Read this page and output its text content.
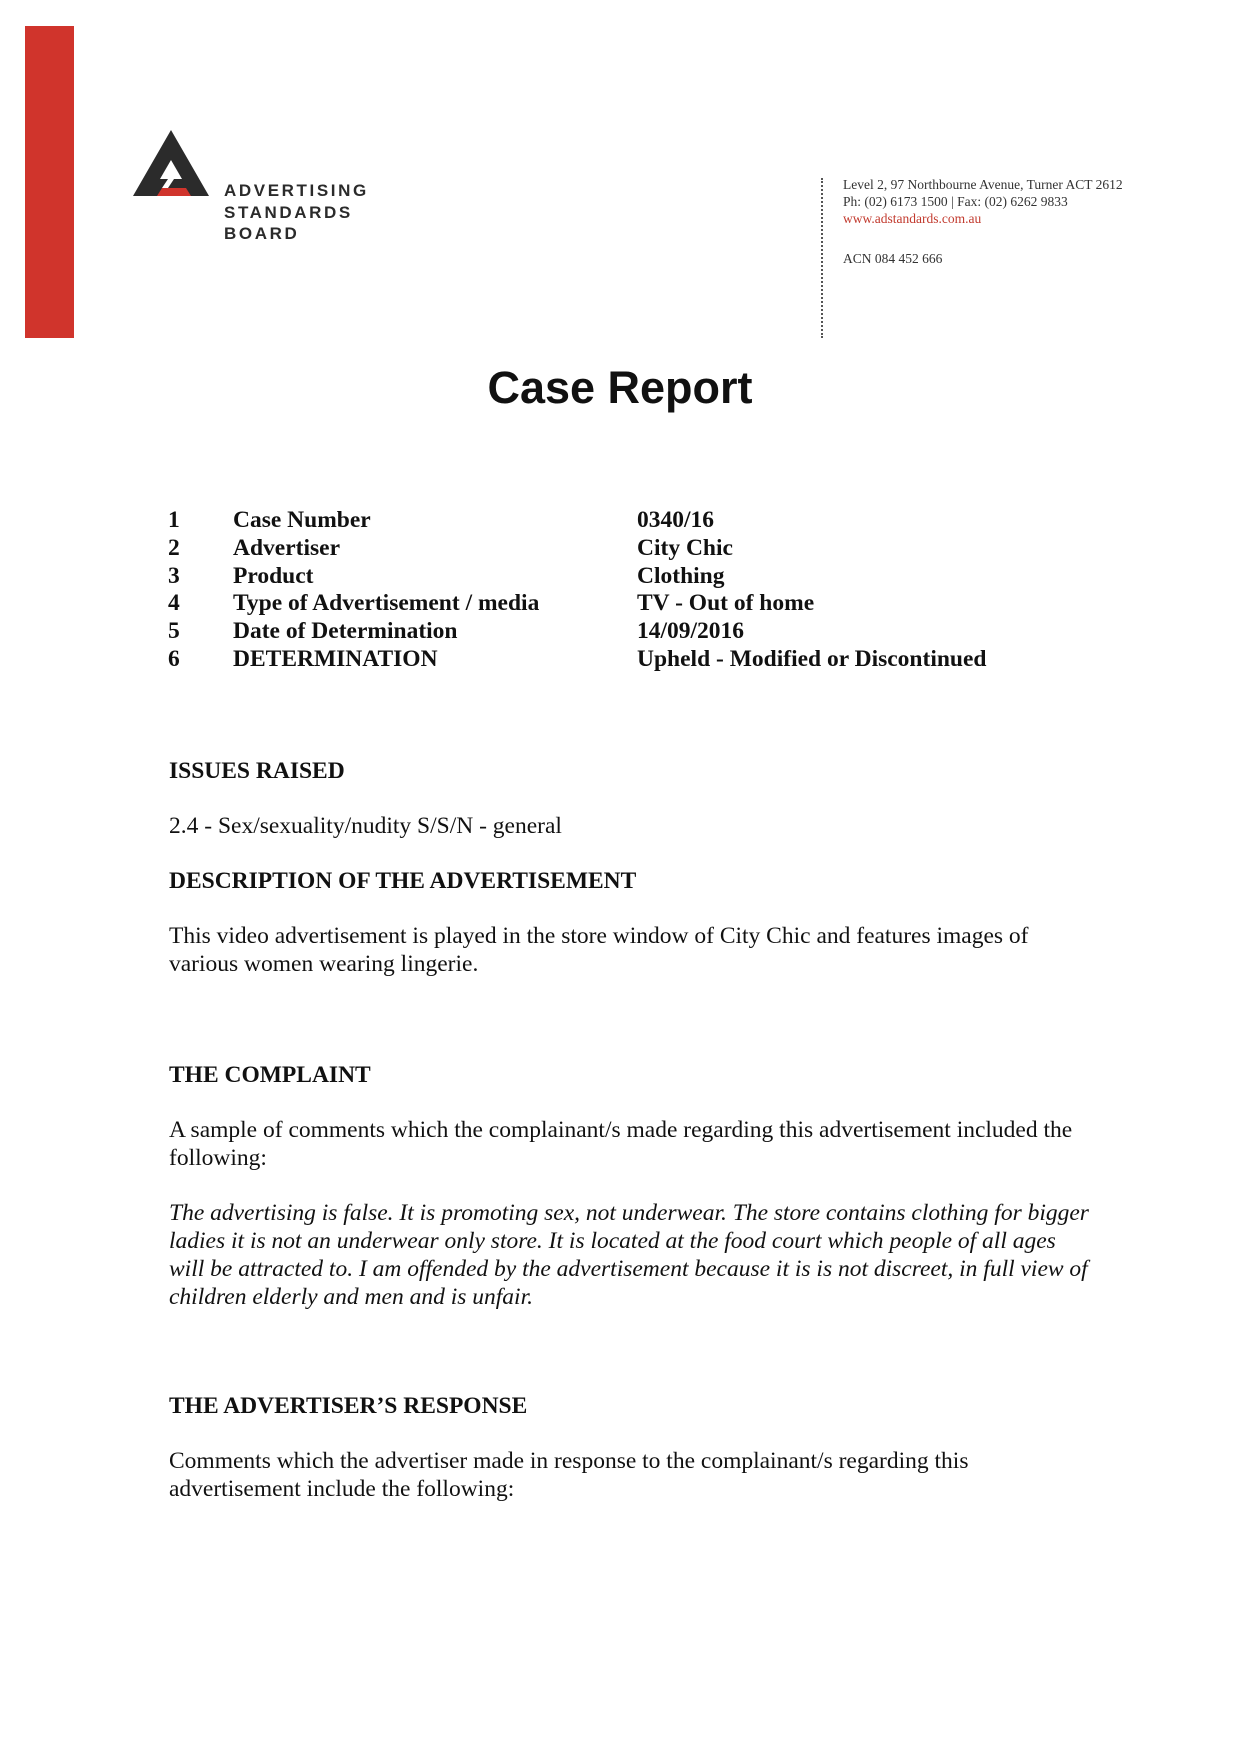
ADVERTISING
STANDARDS
BOARD
Level 2, 97 Northbourne Avenue, Turner ACT 2612
Ph: (02) 6173 1500 | Fax: (02) 6262 9833
www.adstandards.com.au
ACN 084 452 666
Case Report
1 Case Number	0340/16
2 Advertiser	City Chic
3 Product	Clothing
4 Type of Advertisement / media	TV - Out of home
5 Date of Determination	14/09/2016
6 DETERMINATION	Upheld - Modified or Discontinued
ISSUES RAISED
2.4 - Sex/sexuality/nudity S/S/N - general
DESCRIPTION OF THE ADVERTISEMENT
This video advertisement is played in the store window of City Chic and features images of various women wearing lingerie.
THE COMPLAINT
A sample of comments which the complainant/s made regarding this advertisement included the following:
The advertising is false. It is promoting sex, not underwear. The store contains clothing for bigger ladies it is not an underwear only store. It is located at the food court which people of all ages will be attracted to. I am offended by the advertisement because it is is not discreet, in full view of children elderly and men and is unfair.
THE ADVERTISER’S RESPONSE
Comments which the advertiser made in response to the complainant/s regarding this advertisement include the following:
